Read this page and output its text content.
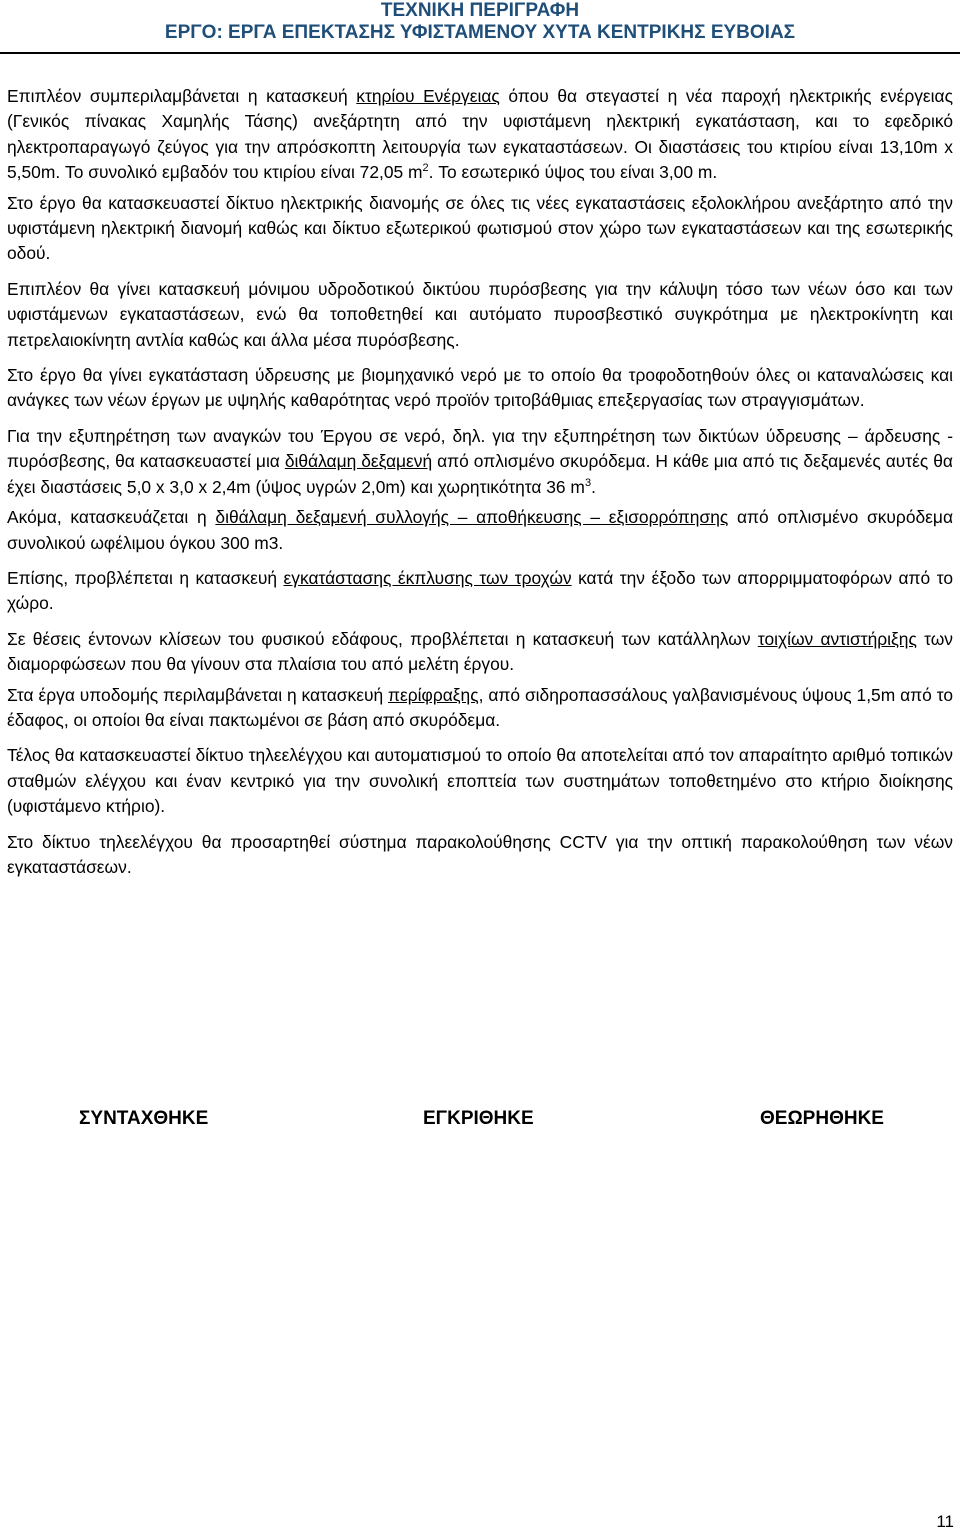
ΤΕΧΝΙΚΗ ΠΕΡΙΓΡΑΦΗ
ΕΡΓΟ: ΕΡΓΑ ΕΠΕΚΤΑΣΗΣ ΥΦΙΣΤΑΜΕΝΟΥ ΧΥΤΑ ΚΕΝΤΡΙΚΗΣ ΕΥΒΟΙΑΣ

Επιπλέον συμπεριλαμβάνεται η κατασκευή κτηρίου Ενέργειας όπου θα στεγαστεί η νέα παροχή ηλεκτρικής ενέργειας (Γενικός πίνακας Χαμηλής Τάσης) ανεξάρτητη από την υφιστάμενη ηλεκτρική εγκατάσταση, και το εφεδρικό ηλεκτροπαραγωγό ζεύγος για την απρόσκοπτη λειτουργία των εγκαταστάσεων. Οι διαστάσεις του κτιρίου είναι 13,10m x 5,50m. Το συνολικό εμβαδόν του κτιρίου είναι 72,05 $m^2$. Το εσωτερικό ύψος του είναι 3,00 m.

Στο έργο θα κατασκευαστεί δίκτυο ηλεκτρικής διανομής σε όλες τις νέες εγκαταστάσεις εξολοκλήρου ανεξάρτητο από την υφιστάμενη ηλεκτρική διανομή καθώς και δίκτυο εξωτερικού φωτισμού στον χώρο των εγκαταστάσεων και της εσωτερικής οδού.

Επιπλέον θα γίνει κατασκευή μόνιμου υδροδοτικού δικτύου πυρόσβεσης για την κάλυψη τόσο των νέων όσο και των υφιστάμενων εγκαταστάσεων, ενώ θα τοποθετηθεί και αυτόματο πυροσβεστικό συγκρότημα με ηλεκτροκίνητη και πετρελαιοκίνητη αντλία καθώς και άλλα μέσα πυρόσβεσης.

Στο έργο θα γίνει εγκατάσταση ύδρευσης με βιομηχανικό νερό με το οποίο θα τροφοδοτηθούν όλες οι καταναλώσεις και ανάγκες των νέων έργων με υψηλής καθαρότητας νερό προϊόν τριτοβάθμιας επεξεργασίας των στραγγισμάτων.

Για την εξυπηρέτηση των αναγκών του Έργου σε νερό, δηλ. για την εξυπηρέτηση των δικτύων ύδρευσης – άρδευσης - πυρόσβεσης, θα κατασκευαστεί μια διθάλαμη δεξαμενή από οπλισμένο σκυρόδεμα. Η κάθε μια από τις δεξαμενές αυτές θα έχει διαστάσεις 5,0 x 3,0 x 2,4m (ύψος υγρών 2,0m) και χωρητικότητα 36 $m^3$.

Ακόμα, κατασκευάζεται η διθάλαμη δεξαμενή συλλογής – αποθήκευσης – εξισορρόπησης από οπλισμένο σκυρόδεμα συνολικού ωφέλιμου όγκου 300 m3.

Επίσης, προβλέπεται η κατασκευή εγκατάστασης έκπλυσης των τροχών κατά την έξοδο των απορριμματοφόρων από το χώρο.

Σε θέσεις έντονων κλίσεων του φυσικού εδάφους, προβλέπεται η κατασκευή των κατάλληλων τοιχίων αντιστήριξης των διαμορφώσεων που θα γίνουν στα πλαίσια του από μελέτη έργου.

Στα έργα υποδομής περιλαμβάνεται η κατασκευή περίφραξης, από σιδηροπασσάλους γαλβανισμένους ύψους 1,5m από το έδαφος, οι οποίοι θα είναι πακτωμένοι σε βάση από σκυρόδεμα.

Τέλος θα κατασκευαστεί δίκτυο τηλεελέγχου και αυτοματισμού το οποίο θα αποτελείται από τον απαραίτητο αριθμό τοπικών σταθμών ελέγχου και έναν κεντρικό για την συνολική εποπτεία των συστημάτων τοποθετημένο στο κτήριο διοίκησης (υφιστάμενο κτήριο).

Στο δίκτυο τηλεελέγχου θα προσαρτηθεί σύστημα παρακολούθησης CCTV για την οπτική παρακολούθηση των νέων εγκαταστάσεων.

ΣΥΝΤΑΧΘΗΚΕ	ΕΓΚΡΙΘΗΚΕ	ΘΕΩΡΗΘΗΚΕ
11
